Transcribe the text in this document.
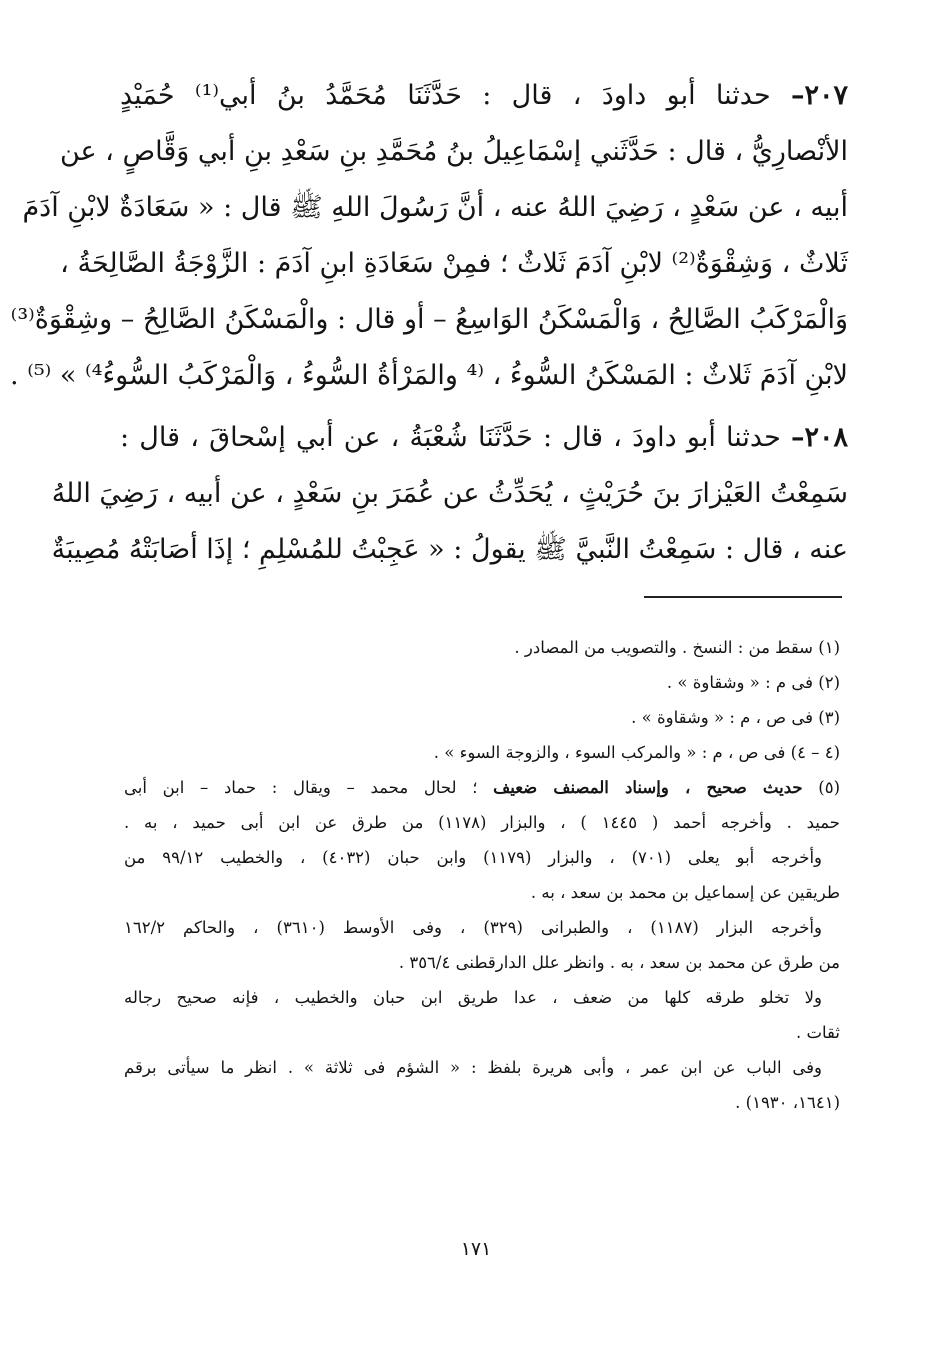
٢٠٧– حدثنا أبو داودَ ، قال : حَدَّثَنَا مُحَمَّدُ بنُ أبي⁽¹⁾ حُمَيْدٍ
الأنْصارِيُّ ، قال : حَدَّثَني إسْمَاعِيلُ بنُ مُحَمَّدِ بنِ سَعْدِ بنِ أبي وَقَّاصٍ ، عن
أبيه ، عن سَعْدٍ ، رَضِيَ اللهُ عنه ، أنَّ رَسُولَ اللهِ ﷺ قال : « سَعَادَةٌ لابْنِ آدَمَ
ثَلاثٌ ، وَشِقْوَةٌ⁽²⁾ لابْنِ آدَمَ ثَلاثٌ ؛ فمِنْ سَعَادَةِ ابنِ آدَمَ : الزَّوْجَةُ الصَّالِحَةُ ،
وَالْمَرْكَبُ الصَّالِحُ ، وَالْمَسْكَنُ الوَاسِعُ – أو قال : والْمَسْكَنُ الصَّالِحُ – وشِقْوَةٌ⁽³⁾
لابْنِ آدَمَ ثَلاثٌ : المَسْكَنُ السُّوءُ ، ⁽⁴ والمَرْأةُ السُّوءُ ، وَالْمَرْكَبُ السُّوءُ⁴⁾ » ⁽⁵⁾ .
٢٠٨– حدثنا أبو داودَ ، قال : حَدَّثَنَا شُعْبَةُ ، عن أبي إسْحاقَ ، قال :
سَمِعْتُ العَيْزارَ بنَ حُرَيْثٍ ، يُحَدِّثُ عن عُمَرَ بنِ سَعْدٍ ، عن أبيه ، رَضِيَ اللهُ
عنه ، قال : سَمِعْتُ النَّبيَّ ﷺ يقولُ : « عَجِبْتُ للمُسْلِمِ ؛ إذَا أصَابَتْهُ مُصِيبَةٌ
(١) سقط من : النسخ . والتصويب من المصادر .
(٢) فى م : « وشقاوة » .
(٣) فى ص ، م : « وشقاوة » .
(٤ – ٤) فى ص ، م : « والمركب السوء ، والزوجة السوء » .
(٥) حديث صحيح ، وإسناد المصنف ضعيف ؛ لحال محمد – ويقال : حماد – ابن أبى
حميد . وأخرجه أحمد ( ١٤٤٥ ) ، والبزار (١١٧٨) من طرق عن ابن أبى حميد ، به .
وأخرجه أبو يعلى (٧٠١) ، والبزار (١١٧٩) وابن حبان (٤٠٣٢) ، والخطيب ٩٩/١٢ من
طريقين عن إسماعيل بن محمد بن سعد ، به .
وأخرجه البزار (١١٨٧) ، والطبرانى (٣٢٩) ، وفى الأوسط (٣٦١٠) ، والحاكم ١٦٢/٢
من طرق عن محمد بن سعد ، به . وانظر علل الدارقطنى ٣٥٦/٤ .
ولا تخلو طرقه كلها من ضعف ، عدا طريق ابن حبان والخطيب ، فإنه صحيح رجاله
ثقات .
وفى الباب عن ابن عمر ، وأبى هريرة بلفظ : « الشؤم فى ثلاثة » . انظر ما سيأتى برقم
(١٦٤١، ١٩٣٠) .
١٧١
